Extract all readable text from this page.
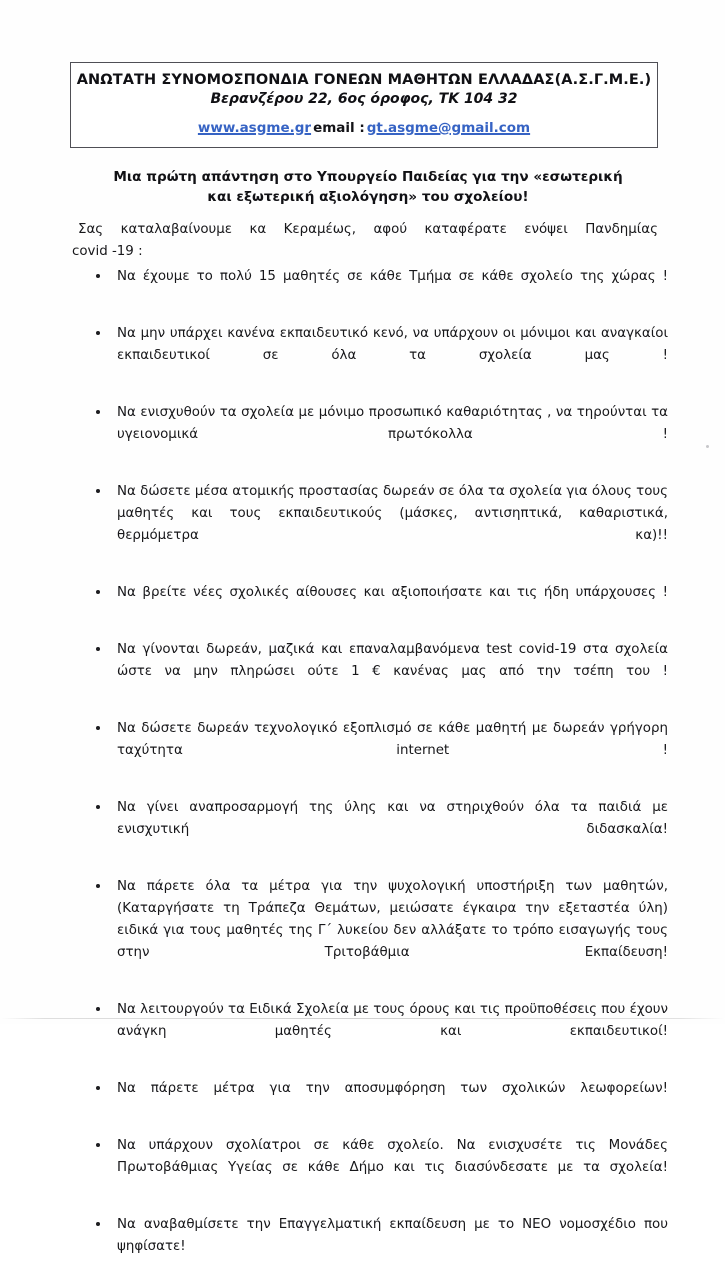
ΑΝΩΤΑΤΗ ΣΥΝΟΜΟΣΠΟΝΔΙΑ ΓΟΝΕΩΝ ΜΑΘΗΤΩΝ ΕΛΛΑΔΑΣ(Α.Σ.Γ.Μ.Ε.)
Βερανζέρου 22, 6ος όροφος, ΤΚ 104 32
www.asgme.gr email : gt.asgme@gmail.com
Μια πρώτη απάντηση στο Υπουργείο Παιδείας για την «εσωτερική
και εξωτερική αξιολόγηση» του σχολείου!
Σας καταλαβαίνουμε κα Κεραμέως, αφού καταφέρατε ενόψει Πανδημίας
covid -19 :
Να έχουμε το πολύ 15 μαθητές σε κάθε Τμήμα σε κάθε σχολείο της χώρας !
Να μην υπάρχει κανένα εκπαιδευτικό κενό, να υπάρχουν οι μόνιμοι και αναγκαίοι εκπαιδευτικοί σε όλα τα σχολεία μας !
Να ενισχυθούν τα σχολεία με μόνιμο προσωπικό καθαριότητας , να τηρούνται τα υγειονομικά πρωτόκολλα !
Να δώσετε μέσα ατομικής προστασίας δωρεάν σε όλα τα σχολεία για όλους τους μαθητές και τους εκπαιδευτικούς (μάσκες, αντισηπτικά, καθαριστικά, θερμόμετρα κα)!!
Να βρείτε νέες σχολικές αίθουσες και αξιοποιήσατε και τις ήδη υπάρχουσες !
Να γίνονται δωρεάν, μαζικά και επαναλαμβανόμενα test covid-19 στα σχολεία ώστε να μην πληρώσει ούτε 1 € κανένας μας από την τσέπη του !
Να δώσετε δωρεάν τεχνολογικό εξοπλισμό σε κάθε μαθητή με δωρεάν γρήγορη ταχύτητα internet !
Να γίνει αναπροσαρμογή της ύλης και να στηριχθούν όλα τα παιδιά με ενισχυτική διδασκαλία!
Να πάρετε όλα τα μέτρα για την ψυχολογική υποστήριξη των μαθητών, (Καταργήσατε τη Τράπεζα Θεμάτων, μειώσατε έγκαιρα την εξεταστέα ύλη) ειδικά για τους μαθητές της Γ΄ λυκείου δεν αλλάξατε το τρόπο εισαγωγής τους στην Τριτοβάθμια Εκπαίδευση!
Να λειτουργούν τα Ειδικά Σχολεία με τους όρους και τις προϋποθέσεις που έχουν ανάγκη μαθητές και εκπαιδευτικοί!
Να πάρετε μέτρα για την αποσυμφόρηση των σχολικών λεωφορείων!
Να υπάρχουν σχολίατροι σε κάθε σχολείο. Να ενισχυσέτε τις Μονάδες Πρωτοβάθμιας Υγείας σε κάθε Δήμο και τις διασύνδεσατε με τα σχολεία!
Να αναβαθμίσετε την Επαγγελματική εκπαίδευση με το ΝΕΟ νομοσχέδιο που ψηφίσατε!
